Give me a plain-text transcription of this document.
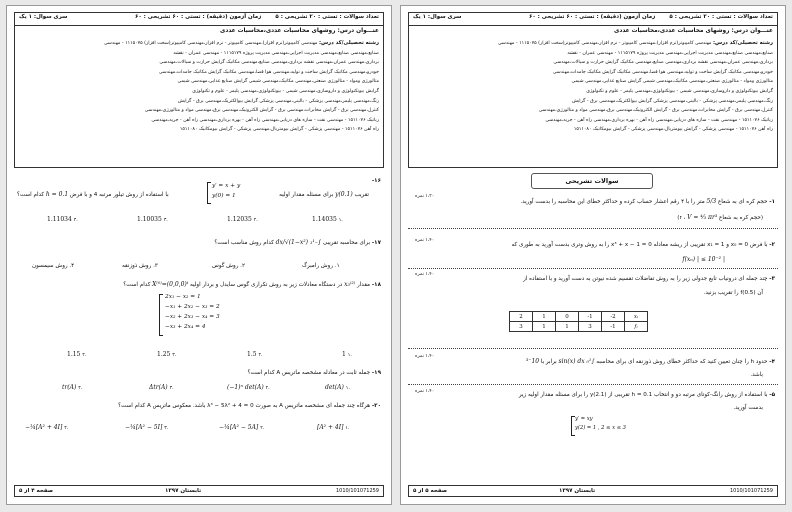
سری سوال: ۱ یک	زمان آزمون (دقیقه) : تستی : ۶۰ تشریحی : ۶۰	تعداد سوالات : تستی : ۲۰ تشریحی : ۵
عنـــوان درس: روشهای محاسبات عددی،محاسبات عددی
رشته تحصیلی/کد درس: مهندسی کامپیوتر(نرم افزار)،مهندسی کامپیوتر - نرم افزار،مهندسی کامپیوتر(سخت افزار) ۱۱۱۵۰۷۵ - مهندسی
صنایع،مهندسی صنایع،مهندسی مدیریت اجرایی،مهندسی مدیریت پروژه ۱۱۱۵۱۷۹ - مهندسی عمران - نقشه
برداری،مهندسی عمران،مهندسی نقشه برداری،مهندسی صنایع،مهندسی مکانیک گرایش حرارت و سیالات،مهندسی
خودرو،مهندسی مکانیک گرایش ساخت و تولید،مهندسی هوا فضا،مهندسی مکانیک گرایش مکانیک جامدات،مهندسی
متالورژی ومواد - متالورژی صنعتی،مهندسی مکانیک،مهندسی شیمی گرایش صنایع غذایی،مهندسی شیمی
گرایش بیوتکنولوژی و داروسازی،مهندسی شیمی - بیوتکنولوژی،مهندسی پلیمر - علوم و تکنولوژی
رنگ،مهندسی پلیمر،مهندسی پزشکی - بالینی،مهندسی پزشکی گرایش بیوالکتریک،مهندسی برق - گرایش
کنترل،مهندسی برق - گرایش مخابرات،مهندسی برق - گرایش الکترونیک،مهندسی برق،مهندسی مواد و متالورژی،مهندسی
رباتیک ۱۵۱۱۰۷۶ - مهندسی نفت - سازه های دریایی،مهندسی راه آهن - بهره برداری،مهندسی راه آهن - جریه،مهندسی
راه آهن ۱۵۱۱۰۷۶ - مهندسی پزشکی - گرایش بیومتریال،مهندسی پزشکی - گرایش بیومکانیک ۱۵۱۱۰۸۰
۱۶-
تقریب y(0.1) برای مسئله مقدار اولیه
y′ = x + y
y(0) = 1
کدام است؟ h = 0.1 با استفاده از روش تیلور مرتبه 4 و با فرض
1.11034 ۴.	1.10035 ۳.	1.12035 ۲.	1.14035 ۱.
۱۷- برای محاسبه تقریبی ∫₋₁¹ dx/√(1−x²) کدام روش مناسب است؟
۴. روش سیمسون	۳. روش ذوزنقه	۲. روش گوس	۱. روش رامبرگ
۱۸- مقدار x₃⁽²⁾ در دستگاه معادلات زیر به روش تکراری گوس سایدل و بردار اولیه X⁽⁰⁾=(0,0,0)ᵗ کدام است؟
2x₁ − x₂ = 1
−x₁ + 2x₂ − x₃ = 2
−x₂ + 2x₃ − x₄ = 3
−x₃ + 2x₄ = 4
1.15 ۴.	1.25 ۳.	1.5 ۲.	1 ۱.
۱۹- جمله ثابت در معادله مشخصه ماتریس A کدام است؟
tr(A) ۴.	Δtr(A) ۳.	(−1)ⁿ det(A) ۲.	det(A) ۱.
۲۰- هرگاه چند جمله ای مشخصه ماتریس A به صورت λ³ − 5λ² + 4 = 0 باشد. معکوس ماتریس A کدام است؟
−¼[A² + 4I] ۴.	−¼[A² − 5I] ۳.	−¼[A² − 5A] ۲.	[A² + 4I] ۱.
صفحه ۴ از ۵	تابستان ۱۳۹۷	1010/101071259
سری سوال: ۱ یک	زمان آزمون (دقیقه) : تستی : ۶۰ تشریحی : ۶۰	تعداد سوالات : تستی : ۲۰ تشریحی : ۵
عنـــوان درس: روشهای محاسبات عددی،محاسبات عددی
رشته تحصیلی/کد درس: مهندسی کامپیوتر(نرم افزار)،مهندسی کامپیوتر - نرم افزار،مهندسی کامپیوتر(سخت افزار) ۱۱۱۵۰۷۵ - مهندسی
صنایع،مهندسی صنایع،مهندسی مدیریت اجرایی،مهندسی مدیریت پروژه ۱۱۱۵۱۷۹ - مهندسی عمران - نقشه
برداری،مهندسی عمران،مهندسی نقشه برداری،مهندسی صنایع،مهندسی مکانیک گرایش حرارت و سیالات،مهندسی
خودرو،مهندسی مکانیک گرایش ساخت و تولید،مهندسی هوا فضا،مهندسی مکانیک گرایش مکانیک جامدات،مهندسی
متالورژی ومواد - متالورژی صنعتی،مهندسی مکانیک،مهندسی شیمی گرایش صنایع غذایی،مهندسی شیمی
گرایش بیوتکنولوژی و داروسازی،مهندسی شیمی - بیوتکنولوژی،مهندسی پلیمر - علوم و تکنولوژی
رنگ،مهندسی پلیمر،مهندسی پزشکی - بالینی،مهندسی پزشکی گرایش بیوالکتریک،مهندسی برق - گرایش
کنترل،مهندسی برق - گرایش مخابرات،مهندسی برق - گرایش الکترونیک،مهندسی برق،مهندسی مواد و متالورژی،مهندسی
رباتیک ۱۵۱۱۰۷۶ - مهندسی نفت - سازه های دریایی،مهندسی راه آهن - بهره برداری،مهندسی راه آهن - جریه،مهندسی
راه آهن ۱۵۱۱۰۷۶ - مهندسی پزشکی - گرایش بیومتریال،مهندسی پزشکی - گرایش بیومکانیک ۱۵۱۱۰۸۰
سوالات تشریحی
۱،۲۰ نمره
۱- حجم کره ای به شعاع 5/3 متر را با ۴ رقم اعشار حساب کرده و حداکثر خطای این محاسبه را بدست آورید.
(حجم کره به شعاع r ، V = ⁴⁄₃ πr³)
۱،۴۰ نمره
۲- با فرض x₀ = 0 و x₁ = 1 تقریبی از ریشه معادله x³ + x − 1 = 0 را به روش وتری بدست آورید به طوری که
| f(xₙ) | ≤ 10⁻²
۱،۴۰ نمره
۳- چند جمله ای درونیاب تابع جدولی زیر را به روش تفاضلات تقسیم شده نیوتن به دست آورید و با استفاده از
آن f(0.5) را تقریب بزنید.
2	1	0	-1	-2	xᵢ
3	1	1	3	-1	fᵢ
۱،۴۰ نمره
۴- حدود h را چنان تعیین کنید که حداکثر خطای روش ذوزنقه ای برای محاسبه ∫₀¹ sin(x) dx برابر با 10⁻³
باشد.
۱،۴۰ نمره
۵- با استفاده از روش رانگ-کوتای مرتبه دو و انتخاب h = 0.1 تقریبی از y(2.1) را برای مسئله مقدار اولیه زیر
بدست آورید.
y′ = xy
y(2) = 1 , 2 ≤ x ≤ 3
صفحه ۵ از ۵	تابستان ۱۳۹۷	1010/101071259
